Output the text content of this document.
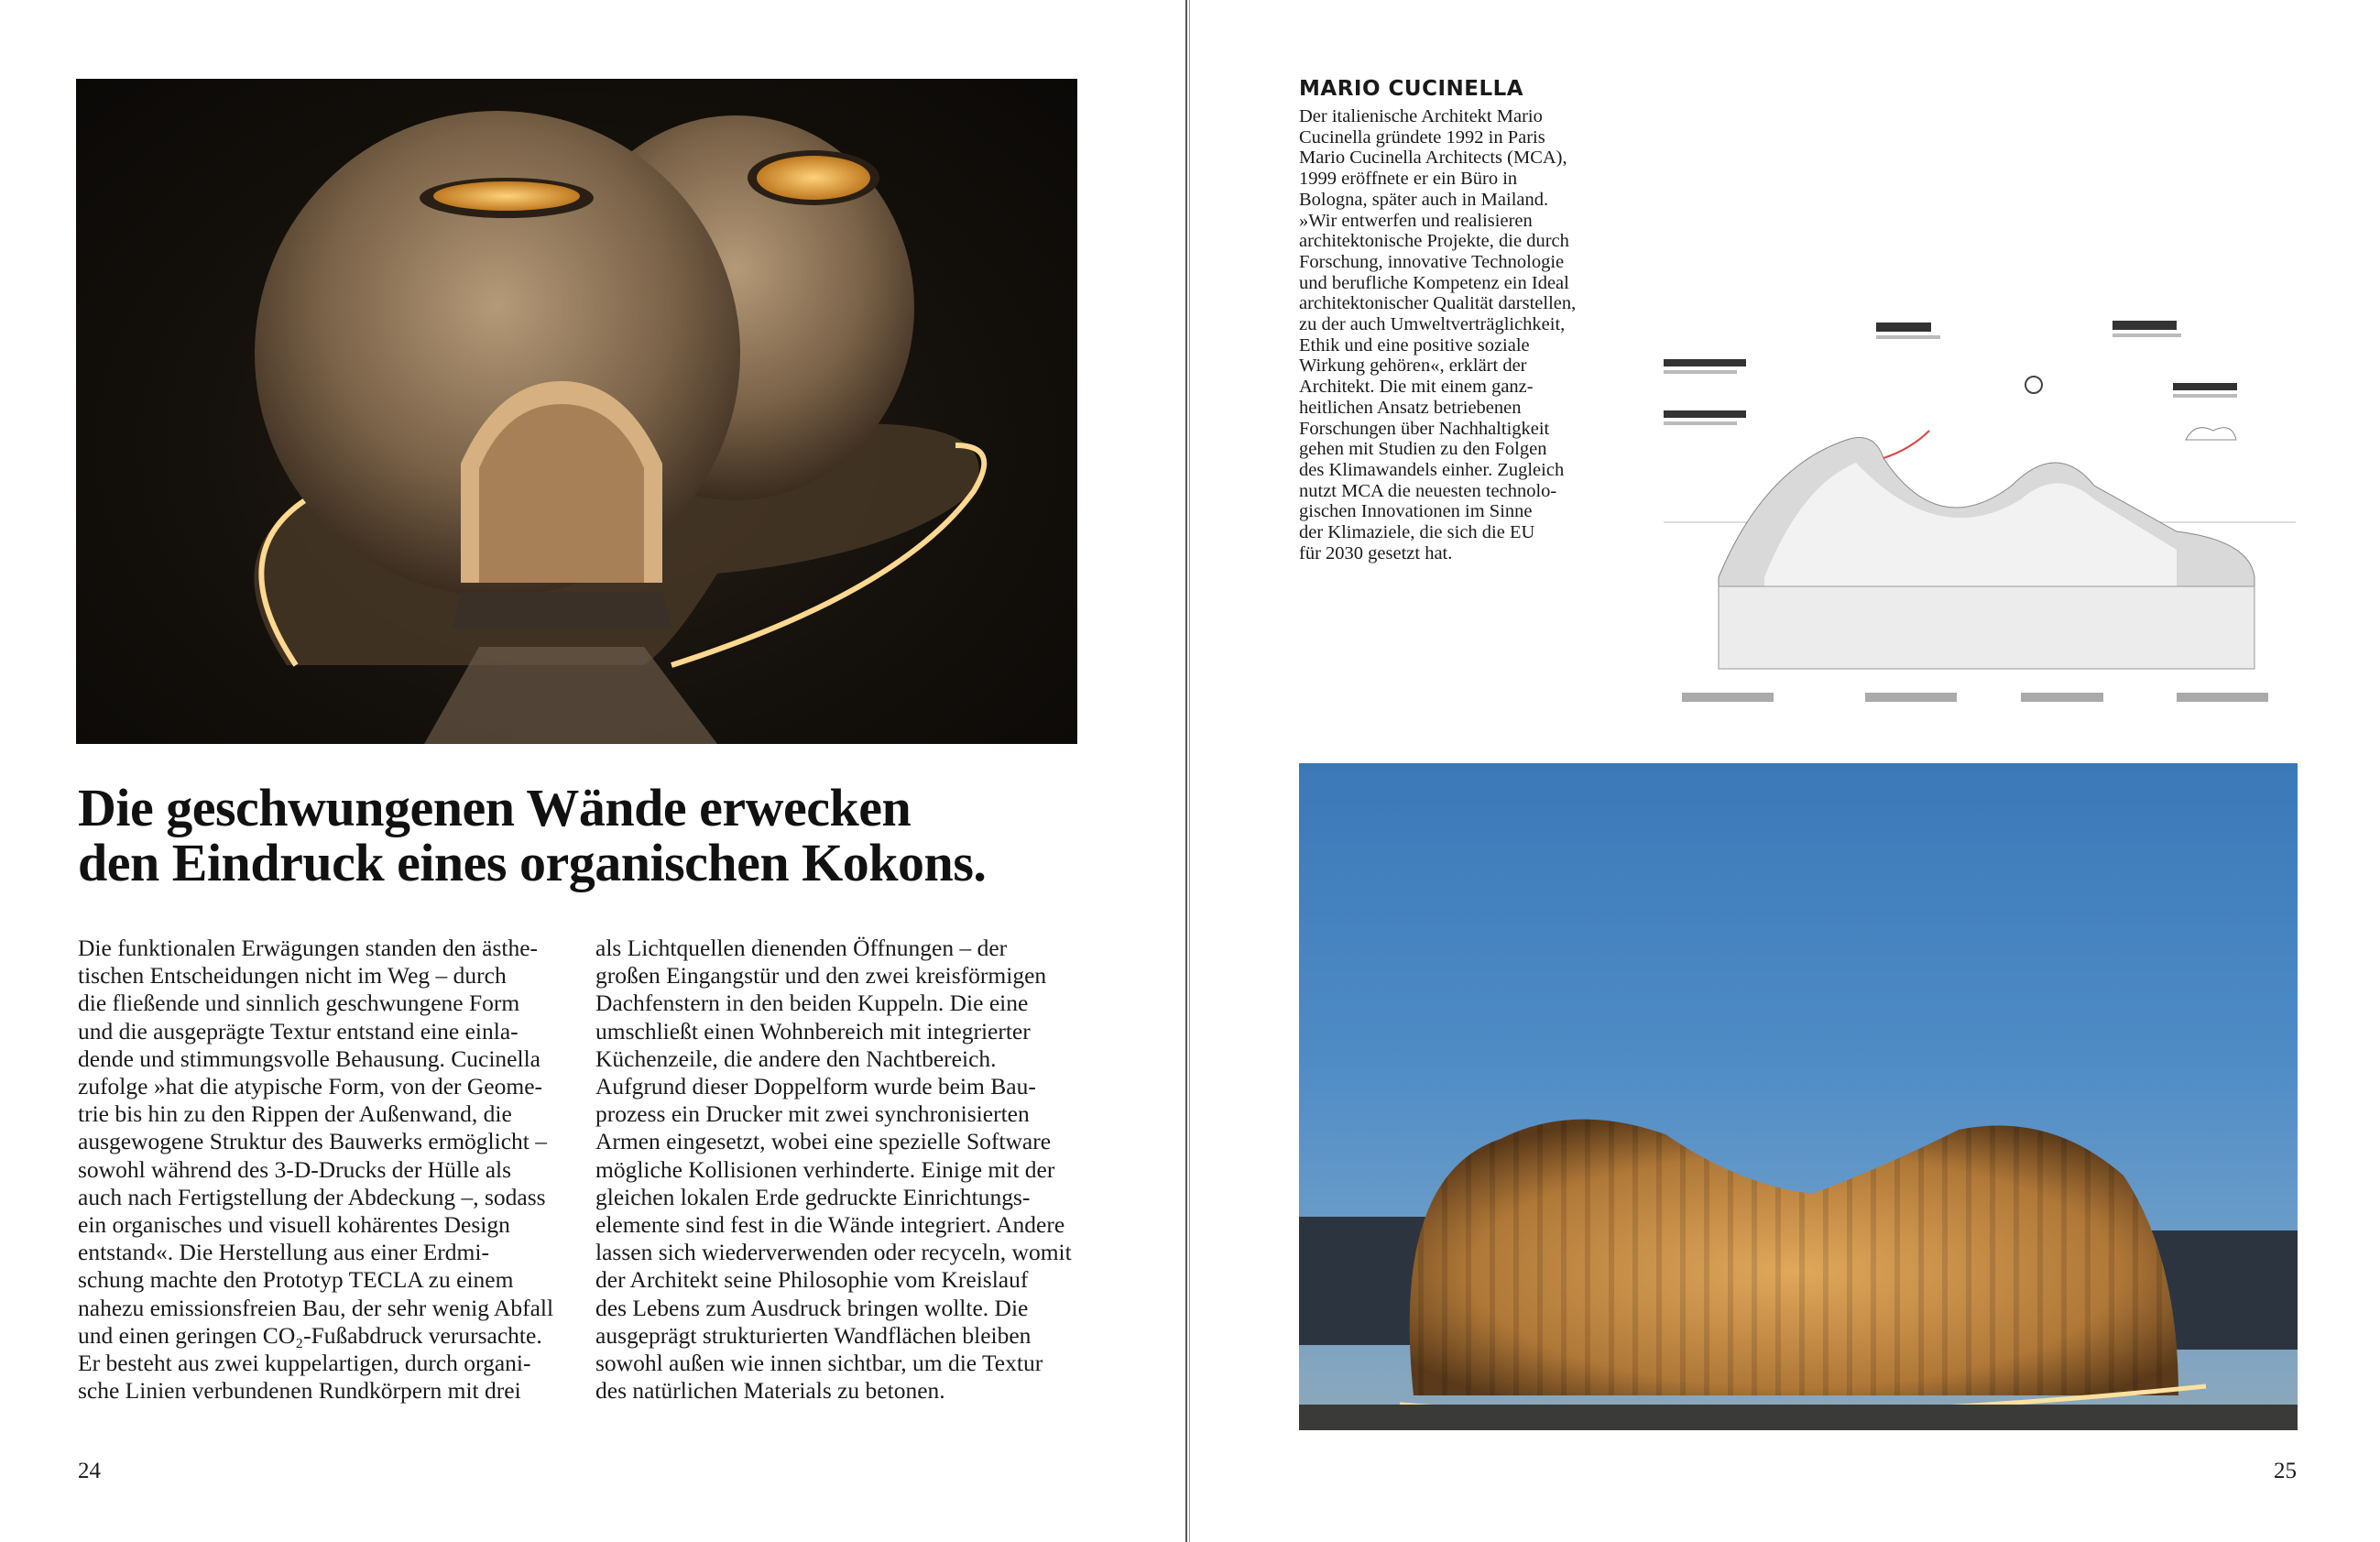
Die geschwungenen Wände erwecken
den Eindruck eines organischen Kokons.
Die funktionalen Erwägungen standen den ästhe-
tischen Entscheidungen nicht im Weg – durch
die fließende und sinnlich geschwungene Form
und die ausgeprägte Textur entstand eine einla-
dende und stimmungsvolle Behausung. Cucinella
zufolge »hat die atypische Form, von der Geome-
trie bis hin zu den Rippen der Außenwand, die
ausgewogene Struktur des Bauwerks ermöglicht –
sowohl während des 3-D-Drucks der Hülle als
auch nach Fertigstellung der Abdeckung –, sodass
ein organisches und visuell kohärentes Design
entstand«. Die Herstellung aus einer Erdmi-
schung machte den Prototyp TECLA zu einem
nahezu emissionsfreien Bau, der sehr wenig Abfall
und einen geringen CO₂-Fußabdruck verursachte.
Er besteht aus zwei kuppelartigen, durch organi-
sche Linien verbundenen Rundkörpern mit drei
als Lichtquellen dienenden Öffnungen – der
großen Eingangstür und den zwei kreisförmigen
Dachfenstern in den beiden Kuppeln. Die eine
umschließt einen Wohnbereich mit integrierter
Küchenzeile, die andere den Nachtbereich.
Aufgrund dieser Doppelform wurde beim Bau-
prozess ein Drucker mit zwei synchronisierten
Armen eingesetzt, wobei eine spezielle Software
mögliche Kollisionen verhinderte. Einige mit der
gleichen lokalen Erde gedruckte Einrichtungs-
elemente sind fest in die Wände integriert. Andere
lassen sich wiederverwenden oder recyceln, womit
der Architekt seine Philosophie vom Kreislauf
des Lebens zum Ausdruck bringen wollte. Die
ausgeprägt strukturierten Wandflächen bleiben
sowohl außen wie innen sichtbar, um die Textur
des natürlichen Materials zu betonen.
24
MARIO CUCINELLA
Der italienische Architekt Mario
Cucinella gründete 1992 in Paris
Mario Cucinella Architects (MCA),
1999 eröffnete er ein Büro in
Bologna, später auch in Mailand.
»Wir entwerfen und realisieren
architektonische Projekte, die durch
Forschung, innovative Technologie
und berufliche Kompetenz ein Ideal
architektonischer Qualität darstellen,
zu der auch Umweltverträglichkeit,
Ethik und eine positive soziale
Wirkung gehören«, erklärt der
Architekt. Die mit einem ganz-
heitlichen Ansatz betriebenen
Forschungen über Nachhaltigkeit
gehen mit Studien zu den Folgen
des Klimawandels einher. Zugleich
nutzt MCA die neuesten technolo-
gischen Innovationen im Sinne
der Klimaziele, die sich die EU
für 2030 gesetzt hat.
25
